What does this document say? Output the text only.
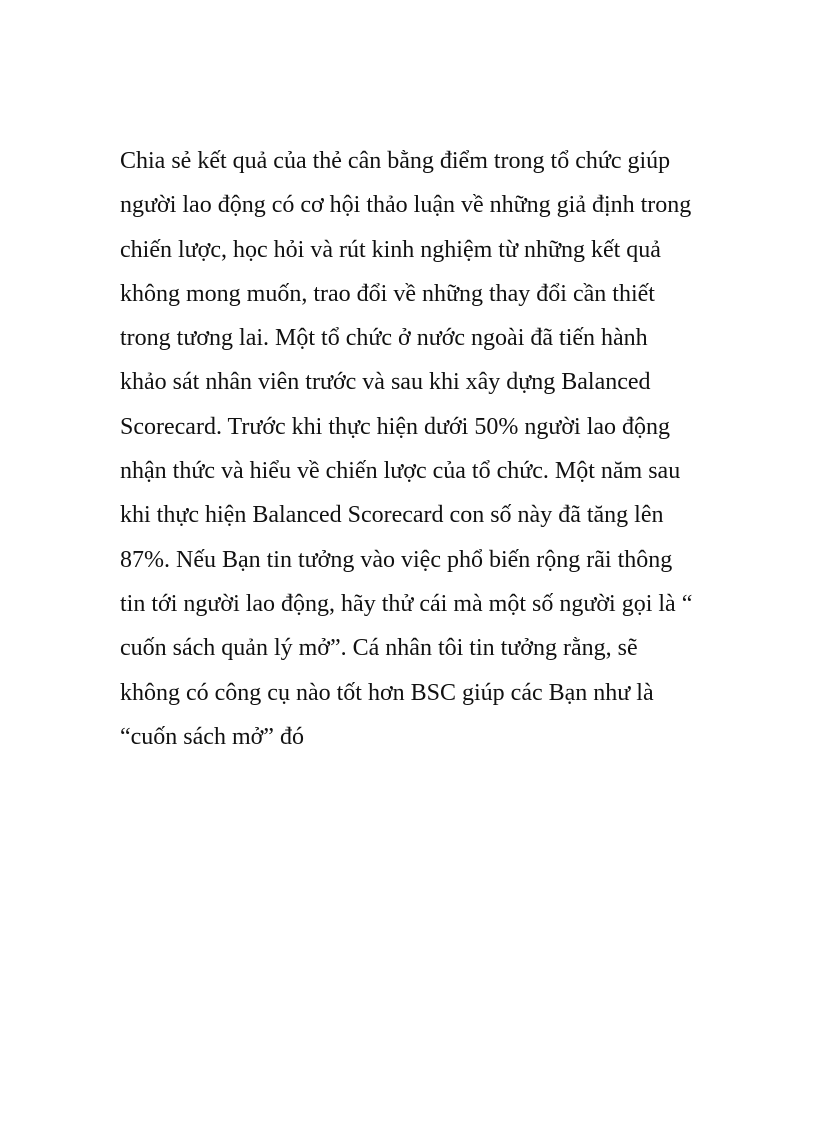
Chia sẻ kết quả của thẻ cân bằng điểm trong tổ chức giúp
người lao động có cơ hội thảo luận về những giả định trong
chiến lược, học hỏi và rút kinh nghiệm từ những kết quả
không mong muốn, trao đổi về những thay đổi cần thiết
trong tương lai. Một tổ chức ở nước ngoài đã tiến hành
khảo sát nhân viên trước và sau khi xây dựng Balanced
Scorecard. Trước khi thực hiện dưới 50% người lao động
nhận thức và hiểu về chiến lược của tổ chức. Một năm sau
khi thực hiện Balanced Scorecard con số này đã tăng lên
87%. Nếu Bạn tin tưởng vào việc phổ biến rộng rãi thông
tin tới người lao động, hãy thử cái mà một số người gọi là “
cuốn sách quản lý mở”. Cá nhân tôi tin tưởng rằng, sẽ
không có công cụ nào tốt hơn BSC giúp các Bạn như là
“cuốn sách mở” đó
